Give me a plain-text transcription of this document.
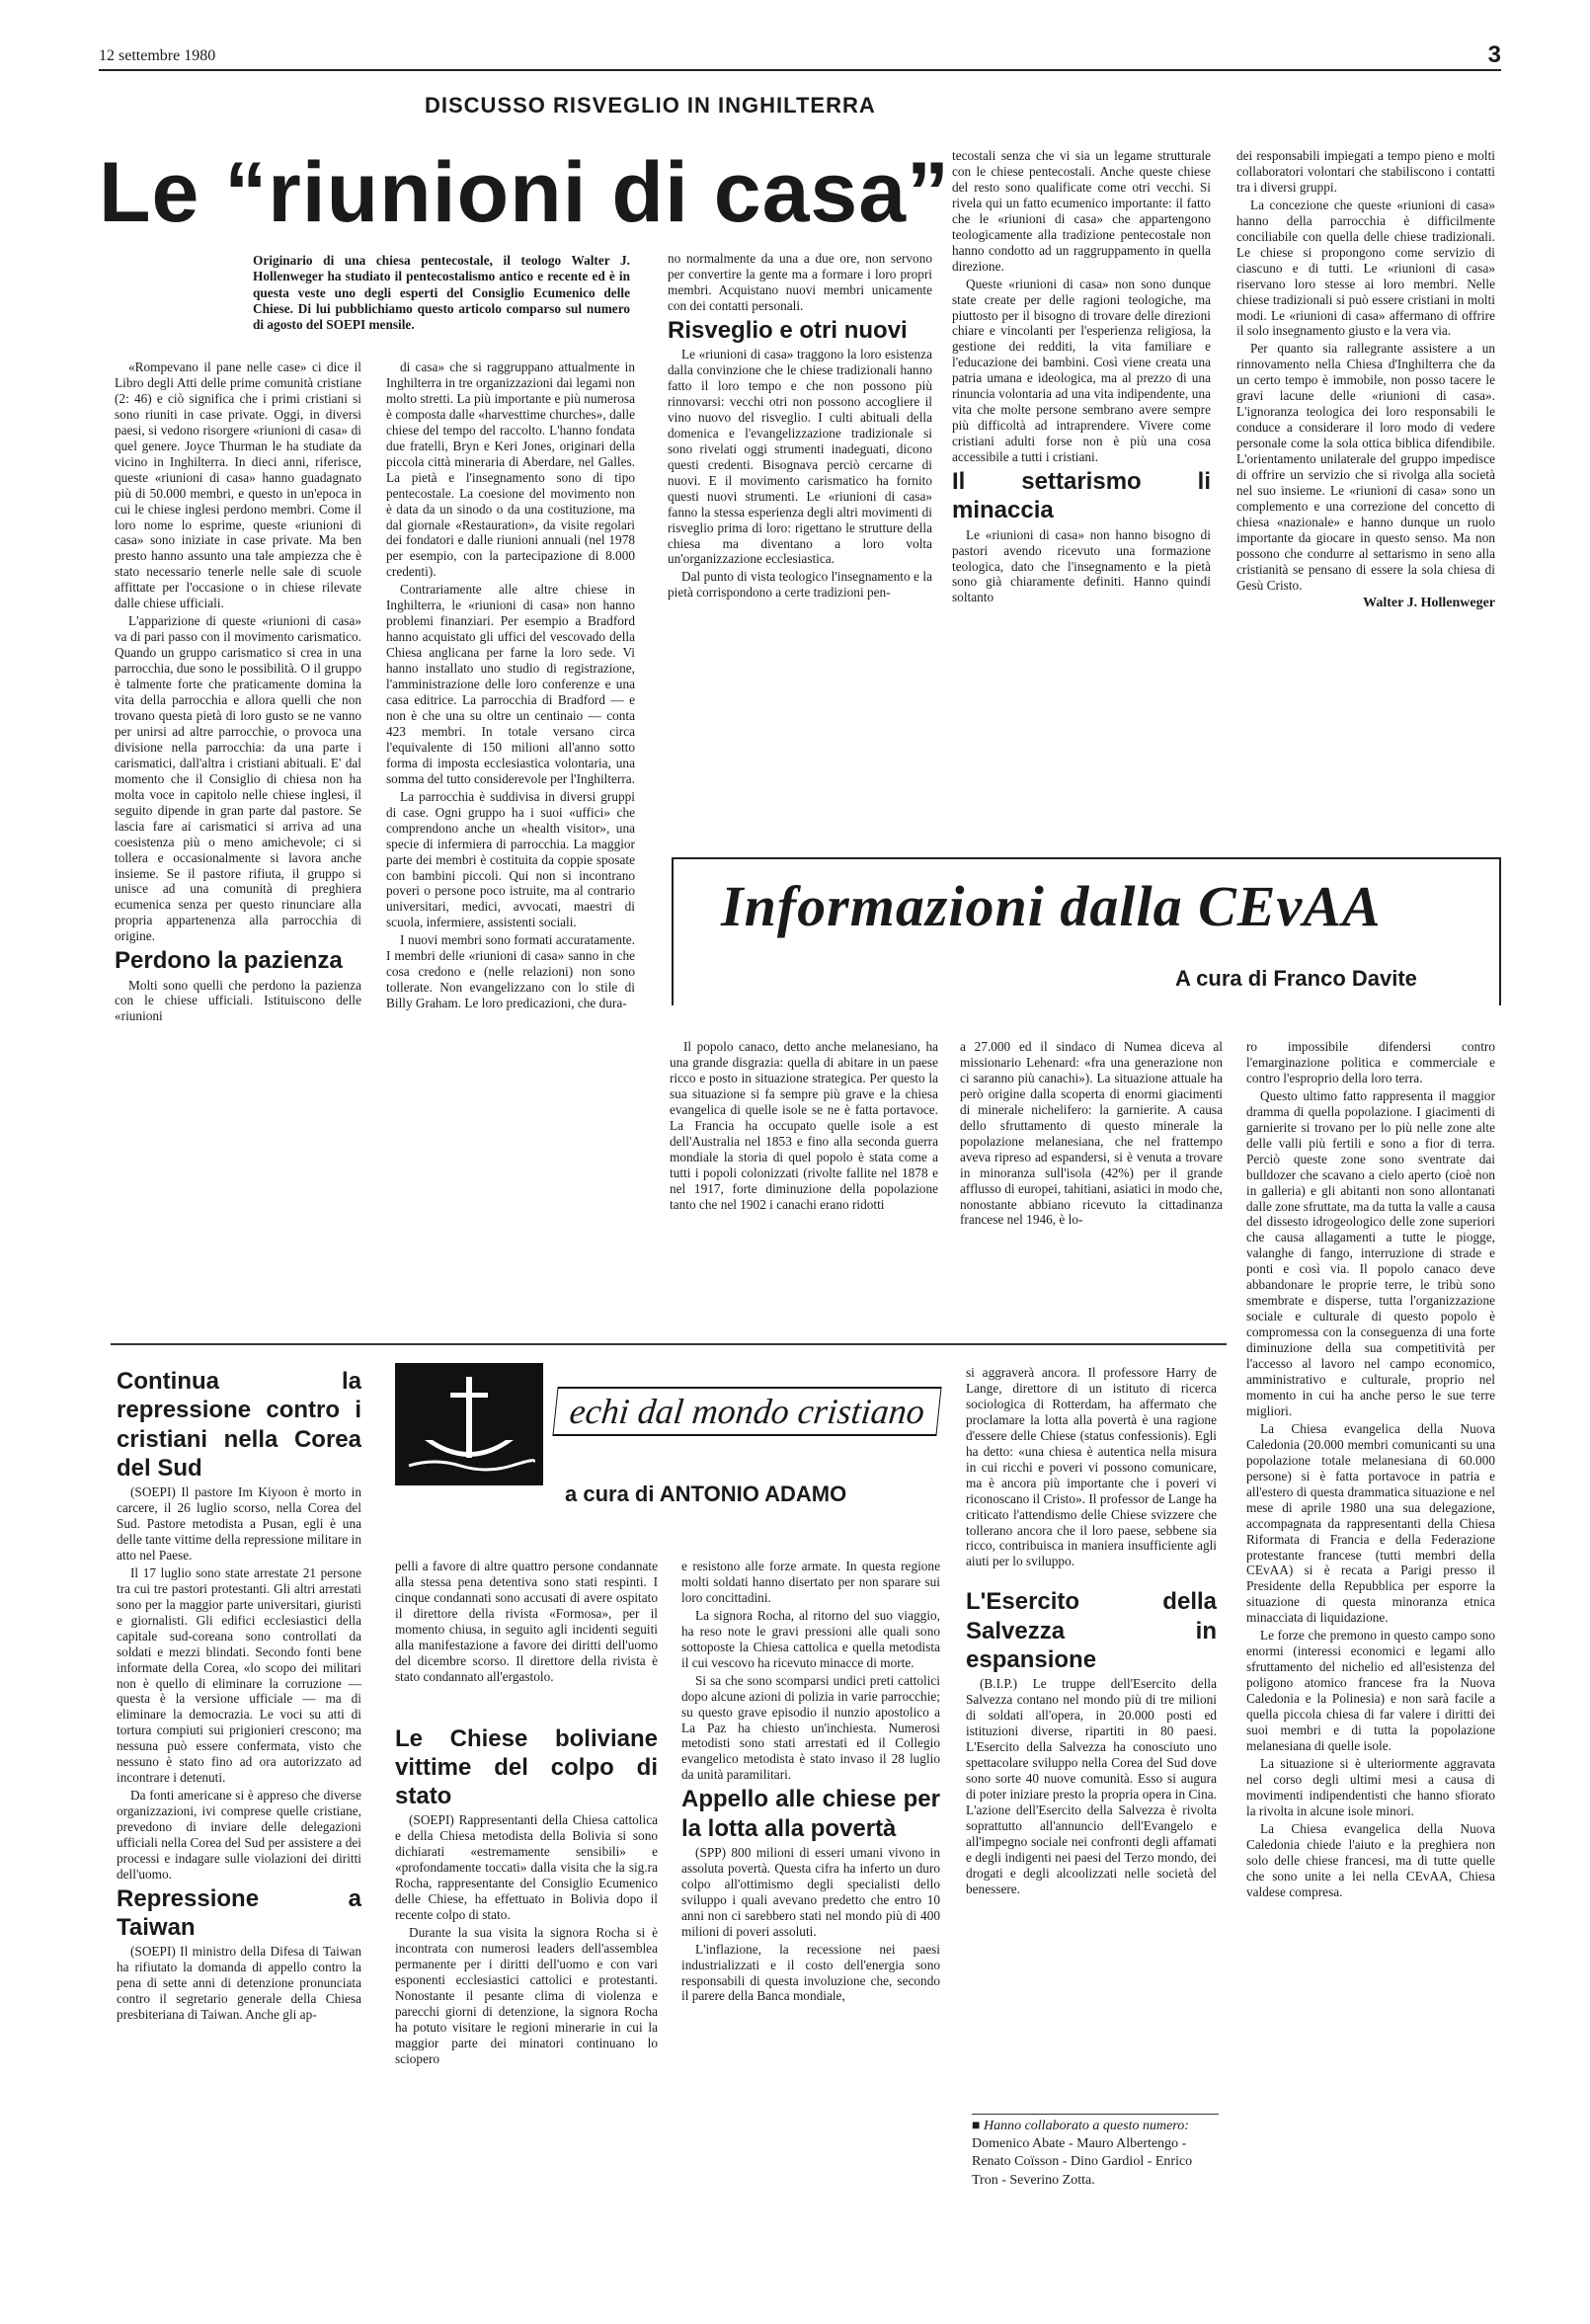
12 settembre 1980	3
DISCUSSO RISVEGLIO IN INGHILTERRA
Le “riunioni di casa”
Originario di una chiesa pentecostale, il teologo Walter J. Hollenweger ha studiato il pentecostalismo antico e recente ed è in questa veste uno degli esperti del Consiglio Ecumenico delle Chiese. Di lui pubblichiamo questo articolo comparso sul numero di agosto del SOEPI mensile.

«Rompevano il pane nelle case» ci dice il Libro degli Atti delle prime comunità cristiane (2: 46) e ciò significa che i primi cristiani si sono riuniti in case private. Oggi, in diversi paesi, si vedono risorgere «riunioni di casa» di quel genere. Joyce Thurman le ha studiate da vicino in Inghilterra. In dieci anni, riferisce, queste «riunioni di casa» hanno guadagnato più di 50.000 membri, e questo in un'epoca in cui le chiese inglesi perdono membri. Come il loro nome lo esprime, queste «riunioni di casa» sono iniziate in case private. Ma ben presto hanno assunto una tale ampiezza che è stato necessario tenerle nelle sale di scuole affittate per l'occasione o in chiese rilevate dalle chiese ufficiali.

L'apparizione di queste «riunioni di casa» va di pari passo con il movimento carismatico. Quando un gruppo carismatico si crea in una parrocchia, due sono le possibilità. O il gruppo è talmente forte che praticamente domina la vita della parrocchia e allora quelli che non trovano questa pietà di loro gusto se ne vanno per unirsi ad altre parrocchie, o provoca una divisione nella parrocchia: da una parte i carismatici, dall'altra i cristiani abituali. E' dal momento che il Consiglio di chiesa non ha molta voce in capitolo nelle chiese inglesi, il seguito dipende in gran parte dal pastore. Se lascia fare ai carismatici si arriva ad una coesistenza più o meno amichevole; ci si tollera e occasionalmente si lavora anche insieme. Se il pastore rifiuta, il gruppo si unisce ad una comunità di preghiera ecumenica senza per questo rinunciare alla propria appartenenza alla parrocchia di origine.

Perdono la pazienza

Molti sono quelli che perdono la pazienza con le chiese ufficiali. Istituiscono delle «riunioni

di casa» che si raggruppano attualmente in Inghilterra in tre organizzazioni dai legami non molto stretti. La più importante e più numerosa è composta dalle «harvesttime churches», dalle chiese del tempo del raccolto. L'hanno fondata due fratelli, Bryn e Keri Jones, originari della piccola città mineraria di Aberdare, nel Galles. La pietà e l'insegnamento sono di tipo pentecostale. La coesione del movimento non è data da un sinodo o da una costituzione, ma dal giornale «Restauration», da visite regolari dei fondatori e dalle riunioni annuali (nel 1978 per esempio, con la partecipazione di 8.000 credenti).

Contrariamente alle altre chiese in Inghilterra, le «riunioni di casa» non hanno problemi finanziari. Per esempio a Bradford hanno acquistato gli uffici del vescovado della Chiesa anglicana per farne la loro sede. Vi hanno installato uno studio di registrazione, l'amministrazione delle loro conferenze e una casa editrice. La parrocchia di Bradford — e non è che una su oltre un centinaio — conta 423 membri. In totale versano circa l'equivalente di 150 milioni all'anno sotto forma di imposta ecclesiastica volontaria, una somma del tutto considerevole per l'Inghilterra.

La parrocchia è suddivisa in diversi gruppi di case. Ogni gruppo ha i suoi «uffici» che comprendono anche un «health visitor», una specie di infermiera di parrocchia. La maggior parte dei membri è costituita da coppie sposate con bambini piccoli. Qui non si incontrano poveri o persone poco istruite, ma al contrario universitari, medici, avvocati, maestri di scuola, infermiere, assistenti sociali.

I nuovi membri sono formati accuratamente. I membri delle «riunioni di casa» sanno in che cosa credono e (nelle relazioni) non sono tollerate. Non evangelizzano con lo stile di Billy Graham. Le loro predicazioni, che dura-

no normalmente da una a due ore, non servono per convertire la gente ma a formare i loro propri membri. Acquistano nuovi membri unicamente con dei contatti personali.

Risveglio e otri nuovi

Le «riunioni di casa» traggono la loro esistenza dalla convinzione che le chiese tradizionali hanno fatto il loro tempo e che non possono più rinnovarsi: vecchi otri non possono accogliere il vino nuovo del risveglio. I culti abituali della domenica e l'evangelizzazione tradizionale si sono rivelati oggi strumenti inadeguati, dicono questi credenti. Bisognava perciò cercarne di nuovi. E il movimento carismatico ha fornito questi nuovi strumenti. Le «riunioni di casa» fanno la stessa esperienza degli altri movimenti di risveglio prima di loro: rigettano le strutture della chiesa ma diventano a loro volta un'organizzazione ecclesiastica.

Dal punto di vista teologico l'insegnamento e la pietà corrispondono a certe tradizioni pen-

tecostali senza che vi sia un legame strutturale con le chiese pentecostali. Anche queste chiese del resto sono qualificate come otri vecchi. Si rivela qui un fatto ecumenico importante: il fatto che le «riunioni di casa» che appartengono teologicamente alla tradizione pentecostale non hanno condotto ad un raggruppamento in quella direzione.

Queste «riunioni di casa» non sono dunque state create per delle ragioni teologiche, ma piuttosto per il bisogno di trovare delle direzioni chiare e vincolanti per l'esperienza religiosa, la gestione dei redditi, la vita familiare e l'educazione dei bambini. Così viene creata una patria umana e ideologica, ma al prezzo di una rinuncia volontaria ad una vita indipendente, una vita che molte persone sembrano avere sempre più difficoltà ad intraprendere. Vivere come cristiani adulti forse non è più una cosa accessibile a tutti i cristiani.

Il settarismo li minaccia

Le «riunioni di casa» non hanno bisogno di pastori avendo ricevuto una formazione teologica, dato che l'insegnamento e la pietà sono già chiaramente definiti. Hanno quindi soltanto

dei responsabili impiegati a tempo pieno e molti collaboratori volontari che stabiliscono i contatti tra i diversi gruppi.

La concezione che queste «riunioni di casa» hanno della parrocchia è difficilmente conciliabile con quella delle chiese tradizionali. Le chiese si propongono come servizio di ciascuno e di tutti. Le «riunioni di casa» riservano loro stesse ai loro membri. Nelle chiese tradizionali si può essere cristiani in molti modi. Le «riunioni di casa» affermano di offrire il solo insegnamento giusto e la vera via.

Per quanto sia rallegrante assistere a un rinnovamento nella Chiesa d'Inghilterra che da un certo tempo è immobile, non posso tacere le gravi lacune delle «riunioni di casa». L'ignoranza teologica dei loro responsabili le conduce a considerare il loro modo di vedere personale come la sola ottica biblica difendibile. L'orientamento unilaterale del gruppo impedisce di offrire un servizio che si rivolga alla società nel suo insieme. Le «riunioni di casa» sono un complemento e una correzione del concetto di chiesa «nazionale» e hanno dunque un ruolo importante da giocare in questo senso. Ma non possono che condurre al settarismo in seno alla cristianità se pensano di essere la sola chiesa di Gesù Cristo.

Walter J. Hollenweger

Informazioni dalla CEvAA
A cura di Franco Davite

Il popolo canaco, detto anche melanesiano, ha una grande disgrazia: quella di abitare in un paese ricco e posto in situazione strategica. Per questo la sua situazione si fa sempre più grave e la chiesa evangelica di quelle isole se ne è fatta portavoce. La Francia ha occupato quelle isole a est dell'Australia nel 1853 e fino alla seconda guerra mondiale la storia di quel popolo è stata come a tutti i popoli colonizzati (rivolte fallite nel 1878 e nel 1917, forte diminuzione della popolazione tanto che nel 1902 i canachi erano ridotti

a 27.000 ed il sindaco di Numea diceva al missionario Lehenard: «fra una generazione non ci saranno più canachi»). La situazione attuale ha però origine dalla scoperta di enormi giacimenti di minerale nichelifero: la garnierite. A causa dello sfruttamento di questo minerale la popolazione melanesiana, che nel frattempo aveva ripreso ad espandersi, si è venuta a trovare in minoranza sull'isola (42%) per il grande afflusso di europei, tahitiani, asiatici in modo che, nonostante abbiano ricevuto la cittadinanza francese nel 1946, è lo-

ro impossibile difendersi contro l'emarginazione politica e commerciale e contro l'esproprio della loro terra.

Questo ultimo fatto rappresenta il maggior dramma di quella popolazione. I giacimenti di garnierite si trovano per lo più nelle zone alte delle valli più fertili e sono a fior di terra. Perciò queste zone sono sventrate dai bulldozer che scavano a cielo aperto (cioè non in galleria) e gli abitanti non sono allontanati dalle zone sfruttate, ma da tutta la valle a causa del dissesto idrogeologico delle zone superiori che causa allagamenti a tutte le piogge, valanghe di fango, interruzione di strade e ponti e così via. Il popolo canaco deve abbandonare le proprie terre, le tribù sono smembrate e disperse, tutta l'organizzazione sociale e culturale di questo popolo è compromessa con la conseguenza di una forte diminuzione della sua competitività per l'accesso al lavoro nel campo economico, amministrativo e culturale, proprio nel momento in cui ha anche perso le sue terre migliori.

La Chiesa evangelica della Nuova Caledonia (20.000 membri comunicanti su una popolazione totale melanesiana di 60.000 persone) si è fatta portavoce in patria e all'estero di questa drammatica situazione e nel mese di aprile 1980 una sua delegazione, accompagnata da rappresentanti della Chiesa Riformata di Francia e della Federazione protestante francese (tutti membri della CEvAA) si è recata a Parigi presso il Presidente della Repubblica per esporre la situazione di questa minoranza etnica minacciata di liquidazione.

Le forze che premono in questo campo sono enormi (interessi economici e legami allo sfruttamento del nichelio ed all'esistenza del poligono atomico francese fra la Nuova Caledonia e la Polinesia) e non sarà facile a quella piccola chiesa di far valere i diritti dei suoi membri e di tutta la popolazione melanesiana di quelle isole.

La situazione si è ulteriormente aggravata nel corso degli ultimi mesi a causa di movimenti indipendentisti che hanno sfiorato la rivolta in alcune isole minori.

La Chiesa evangelica della Nuova Caledonia chiede l'aiuto e la preghiera non solo delle chiese francesi, ma di tutte quelle che sono unite a lei nella CEvAA, Chiesa valdese compresa.

echi dal mondo cristiano
a cura di ANTONIO ADAMO

Continua la repressione contro i cristiani nella Corea del Sud

(SOEPI) Il pastore Im Kiyoon è morto in carcere, il 26 luglio scorso, nella Corea del Sud. Pastore metodista a Pusan, egli è una delle tante vittime della repressione militare in atto nel Paese.

Il 17 luglio sono state arrestate 21 persone tra cui tre pastori protestanti. Gli altri arrestati sono per la maggior parte universitari, giuristi e giornalisti. Gli edifici ecclesiastici della capitale sud-coreana sono controllati da soldati e mezzi blindati. Secondo fonti bene informate della Corea, «lo scopo dei militari non è quello di eliminare la corruzione — questa è la versione ufficiale — ma di eliminare la democrazia. Le voci su atti di tortura compiuti sui prigionieri crescono; ma nessuna può essere confermata, visto che nessuno è stato fino ad ora autorizzato ad incontrare i detenuti.

Da fonti americane si è appreso che diverse organizzazioni, ivi comprese quelle cristiane, prevedono di inviare delle delegazioni ufficiali nella Corea del Sud per assistere a dei processi e indagare sulle violazioni dei diritti dell'uomo.

Repressione a Taiwan

(SOEPI) Il ministro della Difesa di Taiwan ha rifiutato la domanda di appello contro la pena di sette anni di detenzione pronunciata contro il segretario generale della Chiesa presbiteriana di Taiwan. Anche gli ap-

pelli a favore di altre quattro persone condannate alla stessa pena detentiva sono stati respinti. I cinque condannati sono accusati di avere ospitato il direttore della rivista «Formosa», per il momento chiusa, in seguito agli incidenti seguiti alla manifestazione a favore dei diritti dell'uomo del dicembre scorso. Il direttore della rivista è stato condannato all'ergastolo.

Le Chiese boliviane vittime del colpo di stato

(SOEPI) Rappresentanti della Chiesa cattolica e della Chiesa metodista della Bolivia si sono dichiarati «estremamente sensibili» e «profondamente toccati» dalla visita che la sig.ra Rocha, rappresentante del Consiglio Ecumenico delle Chiese, ha effettuato in Bolivia dopo il recente colpo di stato.

Durante la sua visita la signora Rocha si è incontrata con numerosi leaders dell'assemblea permanente per i diritti dell'uomo e con vari esponenti ecclesiastici cattolici e protestanti. Nonostante il pesante clima di violenza e parecchi giorni di detenzione, la signora Rocha ha potuto visitare le regioni minerarie in cui la maggior parte dei minatori continuano lo sciopero

e resistono alle forze armate. In questa regione molti soldati hanno disertato per non sparare sui loro concittadini.

La signora Rocha, al ritorno del suo viaggio, ha reso note le gravi pressioni alle quali sono sottoposte la Chiesa cattolica e quella metodista il cui vescovo ha ricevuto minacce di morte.

Si sa che sono scomparsi undici preti cattolici dopo alcune azioni di polizia in varie parrocchie; su questo grave episodio il nunzio apostolico a La Paz ha chiesto un'inchiesta. Numerosi metodisti sono stati arrestati ed il Collegio evangelico metodista è stato invaso il 28 luglio da unità paramilitari.

Appello alle chiese per la lotta alla povertà

(SPP) 800 milioni di esseri umani vivono in assoluta povertà. Questa cifra ha inferto un duro colpo all'ottimismo degli specialisti dello sviluppo i quali avevano predetto che entro 10 anni non ci sarebbero stati nel mondo più di 400 milioni di poveri assoluti.

L'inflazione, la recessione nei paesi industrializzati e il costo dell'energia sono responsabili di questa involuzione che, secondo il parere della Banca mondiale,

si aggraverà ancora. Il professore Harry de Lange, direttore di un istituto di ricerca sociologica di Rotterdam, ha affermato che proclamare la lotta alla povertà è una ragione d'essere delle Chiese (status confessionis). Egli ha detto: «una chiesa è autentica nella misura in cui ricchi e poveri vi possono comunicare, ma è ancora più importante che i poveri vi riconoscano il Cristo». Il professor de Lange ha criticato l'attendismo delle Chiese svizzere che tollerano ancora che il loro paese, sebbene sia ricco, contribuisca in maniera insufficiente agli aiuti per lo sviluppo.

L'Esercito della Salvezza in espansione

(B.I.P.) Le truppe dell'Esercito della Salvezza contano nel mondo più di tre milioni di soldati all'opera, in 20.000 posti ed istituzioni diverse, ripartiti in 80 paesi. L'Esercito della Salvezza ha conosciuto uno spettacolare sviluppo nella Corea del Sud dove sono sorte 40 nuove comunità. Esso si augura di poter iniziare presto la propria opera in Cina. L'azione dell'Esercito della Salvezza è rivolta soprattutto all'annuncio dell'Evangelo e all'impegno sociale nei confronti degli affamati e degli indigenti nei paesi del Terzo mondo, dei drogati e degli alcoolizzati nelle società del benessere.

■ Hanno collaborato a questo numero: Domenico Abate - Mauro Albertengo - Renato Coïsson - Dino Gardiol - Enrico Tron - Severino Zotta.
